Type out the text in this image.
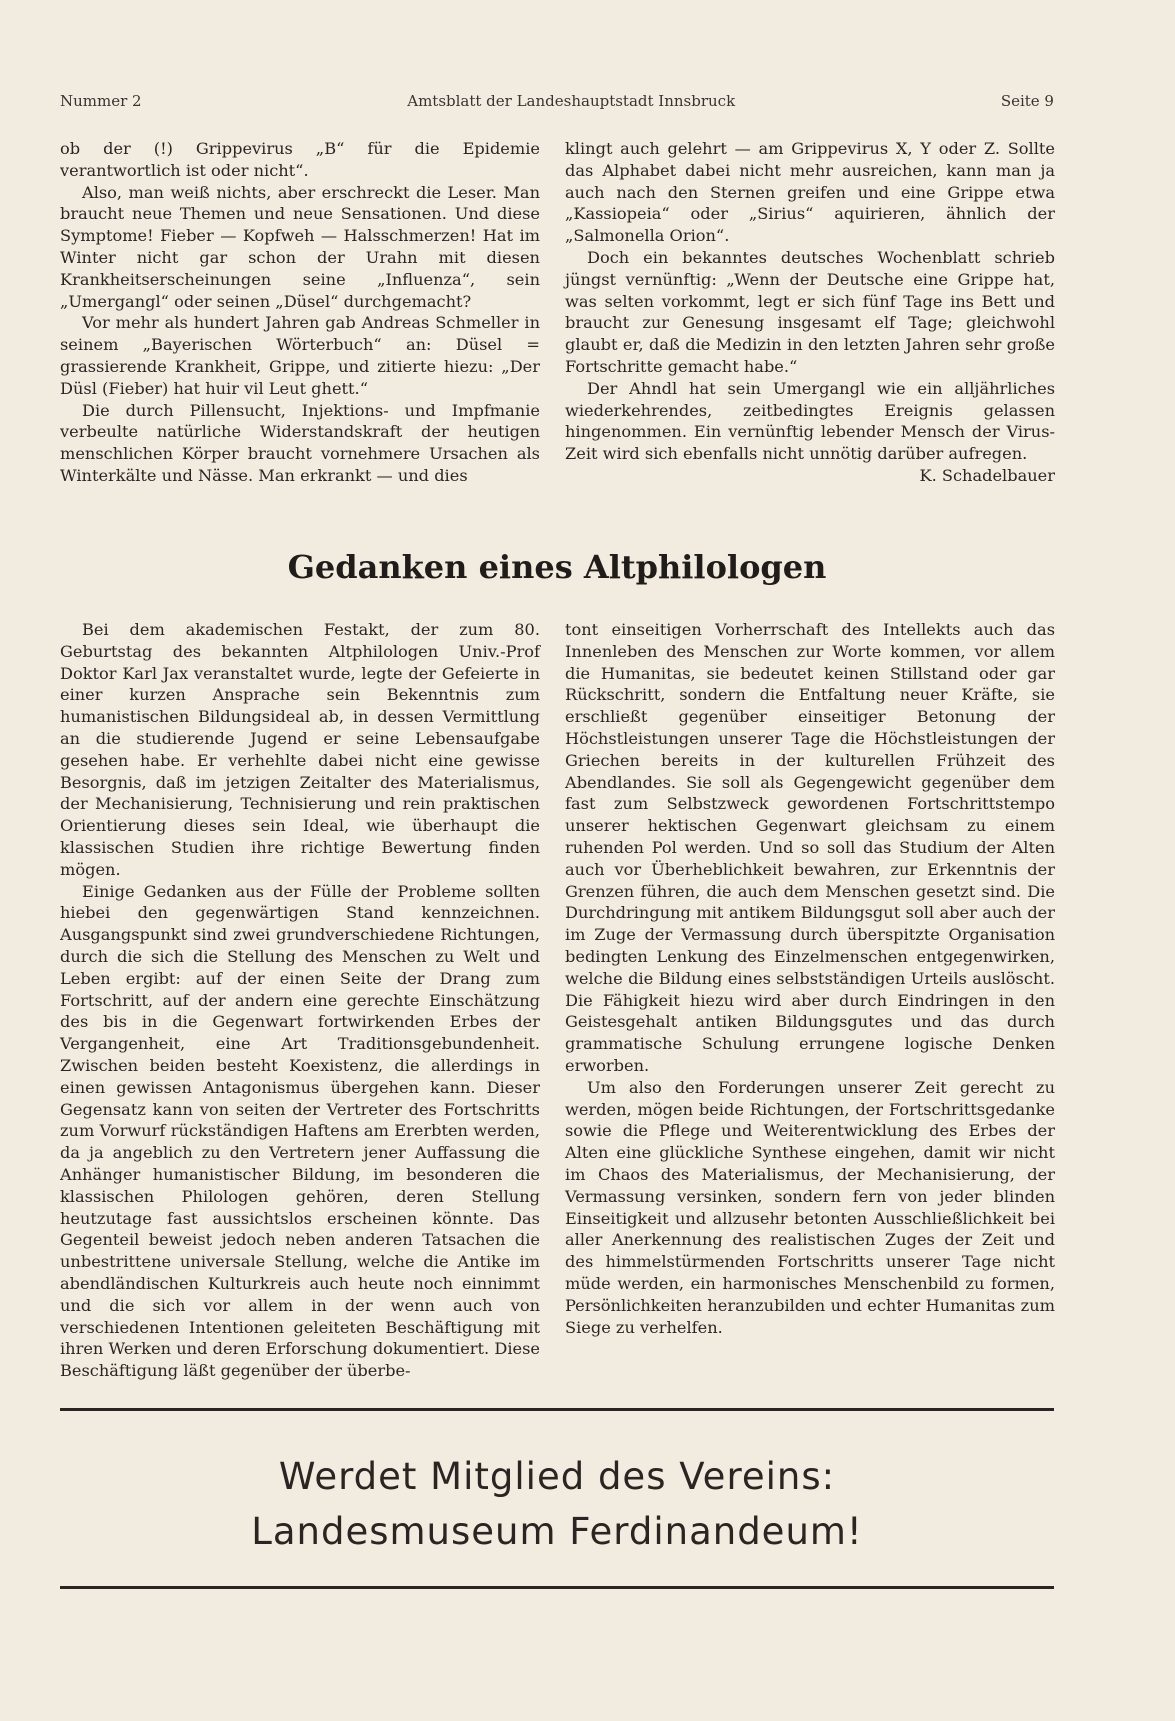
Nummer 2	Amtsblatt der Landeshauptstadt Innsbruck	Seite 9

ob der (!) Grippevirus „B“ für die Epidemie verantwortlich ist oder nicht“.

Also, man weiß nichts, aber erschreckt die Leser. Man braucht neue Themen und neue Sensationen. Und diese Symptome! Fieber — Kopfweh — Halsschmerzen! Hat im Winter nicht gar schon der Urahn mit diesen Krankheitserscheinungen seine „Influenza“, sein „Umergangl“ oder seinen „Düsel“ durchgemacht?

Vor mehr als hundert Jahren gab Andreas Schmeller in seinem „Bayerischen Wörterbuch“ an: Düsel = grassierende Krankheit, Grippe, und zitierte hiezu: „Der Düsl (Fieber) hat huir vil Leut ghett.“

Die durch Pillensucht, Injektions- und Impfmanie verbeulte natürliche Widerstandskraft der heutigen menschlichen Körper braucht vornehmere Ursachen als Winterkälte und Nässe. Man erkrankt — und dies

klingt auch gelehrt — am Grippevirus X, Y oder Z. Sollte das Alphabet dabei nicht mehr ausreichen, kann man ja auch nach den Sternen greifen und eine Grippe etwa „Kassiopeia“ oder „Sirius“ aquirieren, ähnlich der „Salmonella Orion“.

Doch ein bekanntes deutsches Wochenblatt schrieb jüngst vernünftig: „Wenn der Deutsche eine Grippe hat, was selten vorkommt, legt er sich fünf Tage ins Bett und braucht zur Genesung insgesamt elf Tage; gleichwohl glaubt er, daß die Medizin in den letzten Jahren sehr große Fortschritte gemacht habe.“

Der Ahndl hat sein Umergangl wie ein alljährliches wiederkehrendes, zeitbedingtes Ereignis gelassen hingenommen. Ein vernünftig lebender Mensch der Virus-Zeit wird sich ebenfalls nicht unnötig darüber aufregen.

K. Schadelbauer
Gedanken eines Altphilologen

Bei dem akademischen Festakt, der zum 80. Geburtstag des bekannten Altphilologen Univ.-Prof Doktor Karl Jax veranstaltet wurde, legte der Gefeierte in einer kurzen Ansprache sein Bekenntnis zum humanistischen Bildungsideal ab, in dessen Vermittlung an die studierende Jugend er seine Lebensaufgabe gesehen habe. Er verhehlte dabei nicht eine gewisse Besorgnis, daß im jetzigen Zeitalter des Materialismus, der Mechanisierung, Technisierung und rein praktischen Orientierung dieses sein Ideal, wie überhaupt die klassischen Studien ihre richtige Bewertung finden mögen.

Einige Gedanken aus der Fülle der Probleme sollten hiebei den gegenwärtigen Stand kennzeichnen. Ausgangspunkt sind zwei grundverschiedene Richtungen, durch die sich die Stellung des Menschen zu Welt und Leben ergibt: auf der einen Seite der Drang zum Fortschritt, auf der andern eine gerechte Einschätzung des bis in die Gegenwart fortwirkenden Erbes der Vergangenheit, eine Art Traditionsgebundenheit. Zwischen beiden besteht Koexistenz, die allerdings in einen gewissen Antagonismus übergehen kann. Dieser Gegensatz kann von seiten der Vertreter des Fortschritts zum Vorwurf rückständigen Haftens am Ererbten werden, da ja angeblich zu den Vertretern jener Auffassung die Anhänger humanistischer Bildung, im besonderen die klassischen Philologen gehören, deren Stellung heutzutage fast aussichtslos erscheinen könnte. Das Gegenteil beweist jedoch neben anderen Tatsachen die unbestrittene universale Stellung, welche die Antike im abendländischen Kulturkreis auch heute noch einnimmt und die sich vor allem in der wenn auch von verschiedenen Intentionen geleiteten Beschäftigung mit ihren Werken und deren Erforschung dokumentiert. Diese Beschäftigung läßt gegenüber der überbe-

tont einseitigen Vorherrschaft des Intellekts auch das Innenleben des Menschen zur Worte kommen, vor allem die Humanitas, sie bedeutet keinen Stillstand oder gar Rückschritt, sondern die Entfaltung neuer Kräfte, sie erschließt gegenüber einseitiger Betonung der Höchstleistungen unserer Tage die Höchstleistungen der Griechen bereits in der kulturellen Frühzeit des Abendlandes. Sie soll als Gegengewicht gegenüber dem fast zum Selbstzweck gewordenen Fortschrittstempo unserer hektischen Gegenwart gleichsam zu einem ruhenden Pol werden. Und so soll das Studium der Alten auch vor Überheblichkeit bewahren, zur Erkenntnis der Grenzen führen, die auch dem Menschen gesetzt sind. Die Durchdringung mit antikem Bildungsgut soll aber auch der im Zuge der Vermassung durch überspitzte Organisation bedingten Lenkung des Einzelmenschen entgegenwirken, welche die Bildung eines selbstständigen Urteils auslöscht. Die Fähigkeit hiezu wird aber durch Eindringen in den Geistesgehalt antiken Bildungsgutes und das durch grammatische Schulung errungene logische Denken erworben.

Um also den Forderungen unserer Zeit gerecht zu werden, mögen beide Richtungen, der Fortschrittsgedanke sowie die Pflege und Weiterentwicklung des Erbes der Alten eine glückliche Synthese eingehen, damit wir nicht im Chaos des Materialismus, der Mechanisierung, der Vermassung versinken, sondern fern von jeder blinden Einseitigkeit und allzusehr betonten Ausschließlichkeit bei aller Anerkennung des realistischen Zuges der Zeit und des himmelstürmenden Fortschritts unserer Tage nicht müde werden, ein harmonisches Menschenbild zu formen, Persönlichkeiten heranzubilden und echter Humanitas zum Siege zu verhelfen.

Werdet Mitglied des Vereins:
Landesmuseum Ferdinandeum!
